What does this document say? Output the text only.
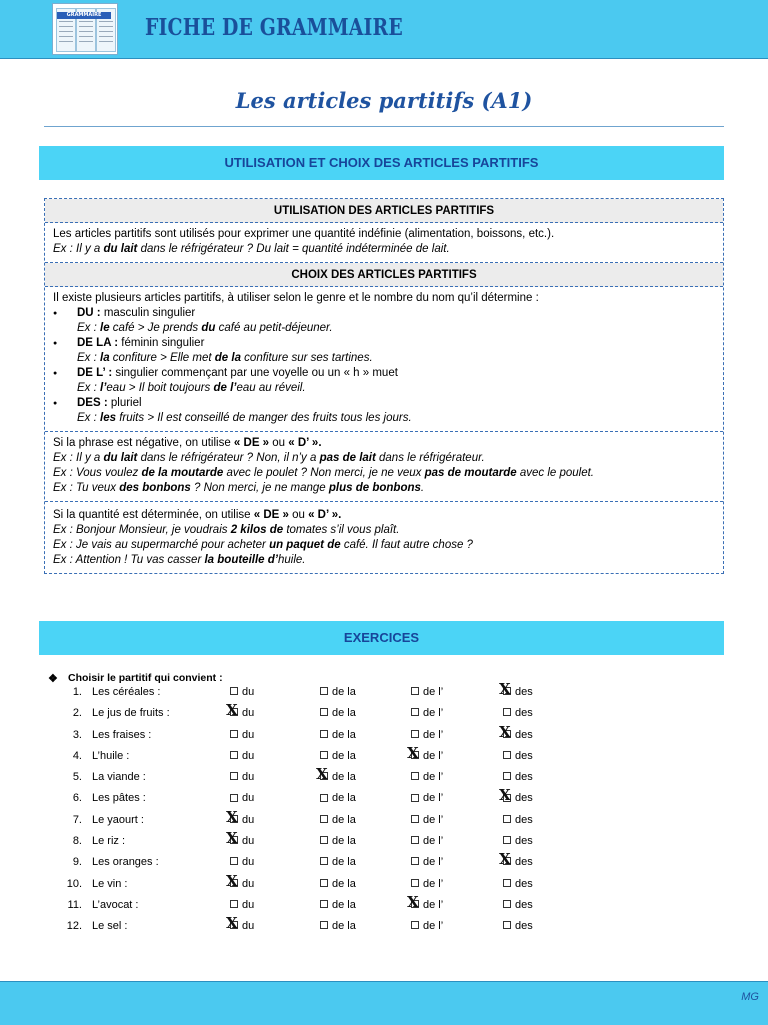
GRAMMAIRE	FICHE DE GRAMMAIRE
Les articles partitifs (A1)
UTILISATION ET CHOIX DES ARTICLES PARTITIFS
UTILISATION DES ARTICLES PARTITIFS
Les articles partitifs sont utilisés pour exprimer une quantité indéfinie (alimentation, boissons, etc.).
Ex : Il y a du lait dans le réfrigérateur ? Du lait = quantité indéterminée de lait.
CHOIX DES ARTICLES PARTITIFS
Il existe plusieurs articles partitifs, à utiliser selon le genre et le nombre du nom qu’il détermine :
● DU : masculin singulier
Ex : le café > Je prends du café au petit-déjeuner.
● DE LA : féminin singulier
Ex : la confiture > Elle met de la confiture sur ses tartines.
● DE L’ : singulier commençant par une voyelle ou un « h » muet
Ex : l’eau > Il boit toujours de l’eau au réveil.
● DES : pluriel
Ex : les fruits > Il est conseillé de manger des fruits tous les jours.
Si la phrase est négative, on utilise « DE » ou « D’ ».
Ex : Il y a du lait dans le réfrigérateur ? Non, il n’y a pas de lait dans le réfrigérateur.
Ex : Vous voulez de la moutarde avec le poulet ? Non merci, je ne veux pas de moutarde avec le poulet.
Ex : Tu veux des bonbons ? Non merci, je ne mange plus de bonbons.
Si la quantité est déterminée, on utilise « DE » ou « D’ ».
Ex : Bonjour Monsieur, je voudrais 2 kilos de tomates s’il vous plaît.
Ex : Je vais au supermarché pour acheter un paquet de café. Il faut autre chose ?
Ex : Attention ! Tu vas casser la bouteille d’huile.
EXERCICES
❖ Choisir le partitif qui convient :
1. Les céréales :	du	de la	de l’	X des
2. Le jus de fruits :	X du	de la	de l’	des
3. Les fraises :	du	de la	de l’	X des
4. L’huile :	du	de la	X de l’	des
5. La viande :	du	X de la	de l’	des
6. Les pâtes :	du	de la	de l’	X des
7. Le yaourt :	X du	de la	de l’	des
8. Le riz :	X du	de la	de l’	des
9. Les oranges :	du	de la	de l’	X des
10. Le vin :	X du	de la	de l’	des
11. L’avocat :	du	de la	X de l’	des
12. Le sel :	X du	de la	de l’	des
MG
